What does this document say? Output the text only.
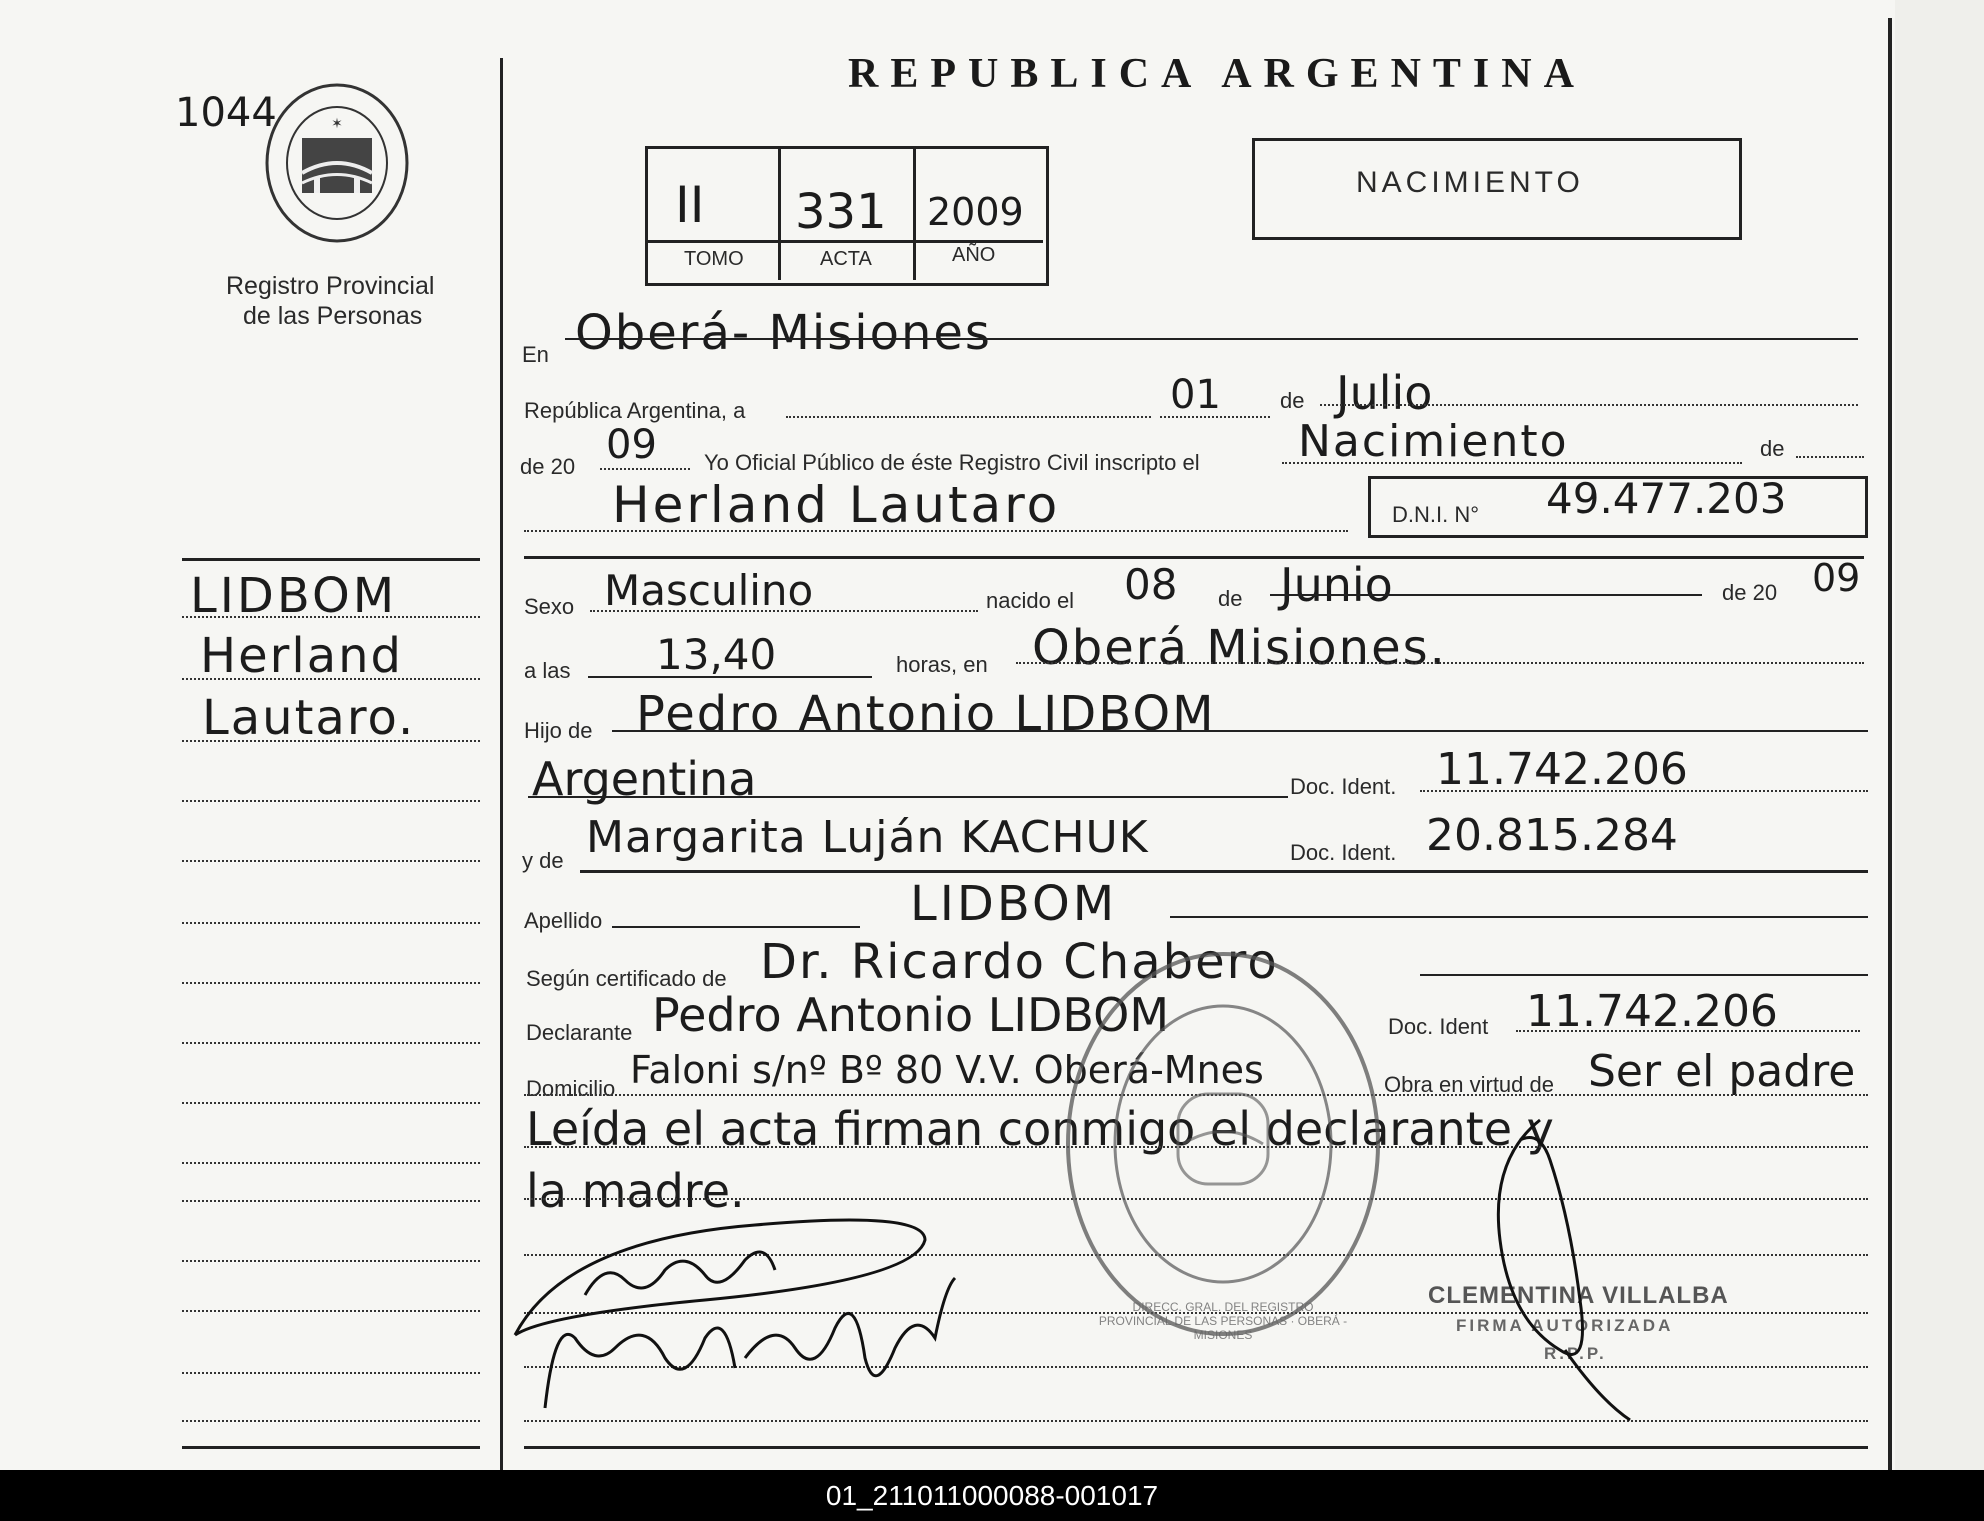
1044	✶
Registro Provincial
de las Personas
LIDBOM
Herland
Lautaro.
REPUBLICA ARGENTINA
II
TOMO
331
ACTA
2009
AÑO
NACIMIENTO
En Oberá- Misiones
República Argentina, a	01	de Julio
de 20 09 Yo Oficial Público de éste Registro Civil inscripto el Nacimiento	de
Herland Lautaro	D.N.I. N° 49.477.203
Sexo Masculino	nacido el 08 de Junio	de 20 09
a las 13,40	horas, en Oberá Misiones.
Hijo de Pedro Antonio LIDBOM
Argentina	Doc. Ident. 11.742.206
y de Margarita Luján KACHUK	Doc. Ident. 20.815.284
Apellido	LIDBOM
Según certificado de Dr. Ricardo Chabero
Declarante Pedro Antonio LIDBOM	Doc. Ident 11.742.206
Domicilio Faloni s/nº Bº 80 V.V. Oberá-Mnes	Obra en virtud de Ser el padre
Leída el acta firman conmigo el declarante y
la madre.
DIRECC. GRAL. DEL REGISTRO PROVINCIAL DE LAS PERSONAS · OBERÁ - MISIONES
CLEMENTINA VILLALBA
FIRMA AUTORIZADA
R.P.P.
01_211011000088-001017
